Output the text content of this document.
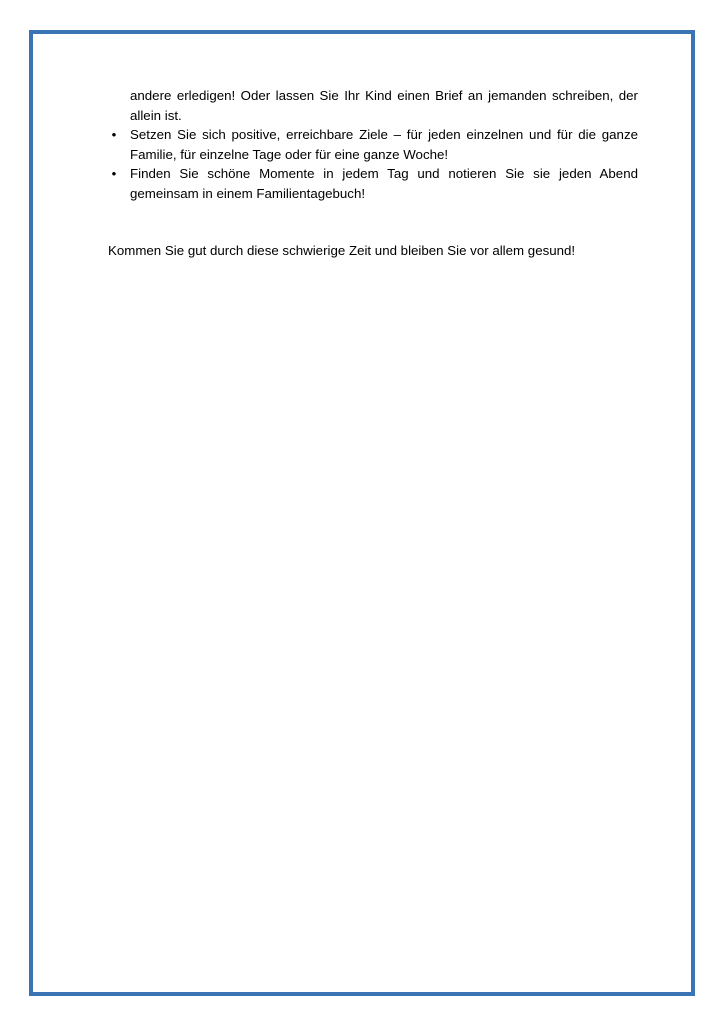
andere erledigen! Oder lassen Sie Ihr Kind einen Brief an jemanden schreiben, der allein ist.

• Setzen Sie sich positive, erreichbare Ziele – für jeden einzelnen und für die ganze Familie, für einzelne Tage oder für eine ganze Woche!
• Finden Sie schöne Momente in jedem Tag und notieren Sie sie jeden Abend gemeinsam in einem Familientagebuch!

Kommen Sie gut durch diese schwierige Zeit und bleiben Sie vor allem gesund!
